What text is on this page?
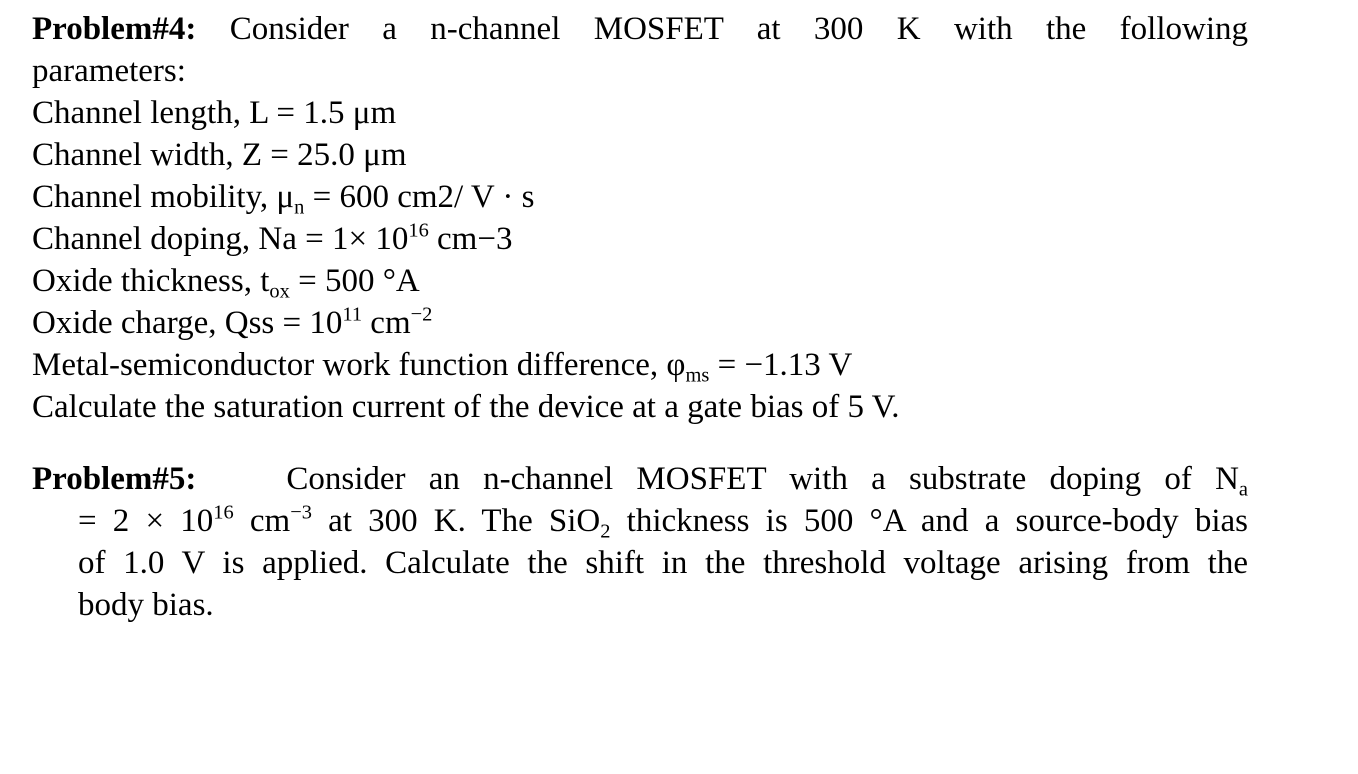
Problem#4: Consider a n-channel MOSFET at 300 K with the following
parameters:
Channel length, L = 1.5 μm
Channel width, Z = 25.0 μm
Channel mobility, $\mu_n = 600$ cm2/ V · s
Channel doping, $Na = 1\times 10^{16}$ cm−3
Oxide thickness, $t_{ox} = 500$ °A
Oxide charge, Qss = $10^{11}$ $cm^{-2}$
Metal-semiconductor work function difference, $\varphi_{ms} = -1.13$ V
Calculate the saturation current of the device at a gate bias of 5 V.
Problem#5:	Consider an n-channel MOSFET with a substrate doping of $N_a$
= $2 \times 10^{16}$ $cm^{-3}$ at 300 K. The SiO$_2$ thickness is 500 °A and a source-body bias
of 1.0 V is applied. Calculate the shift in the threshold voltage arising from the
body bias.
